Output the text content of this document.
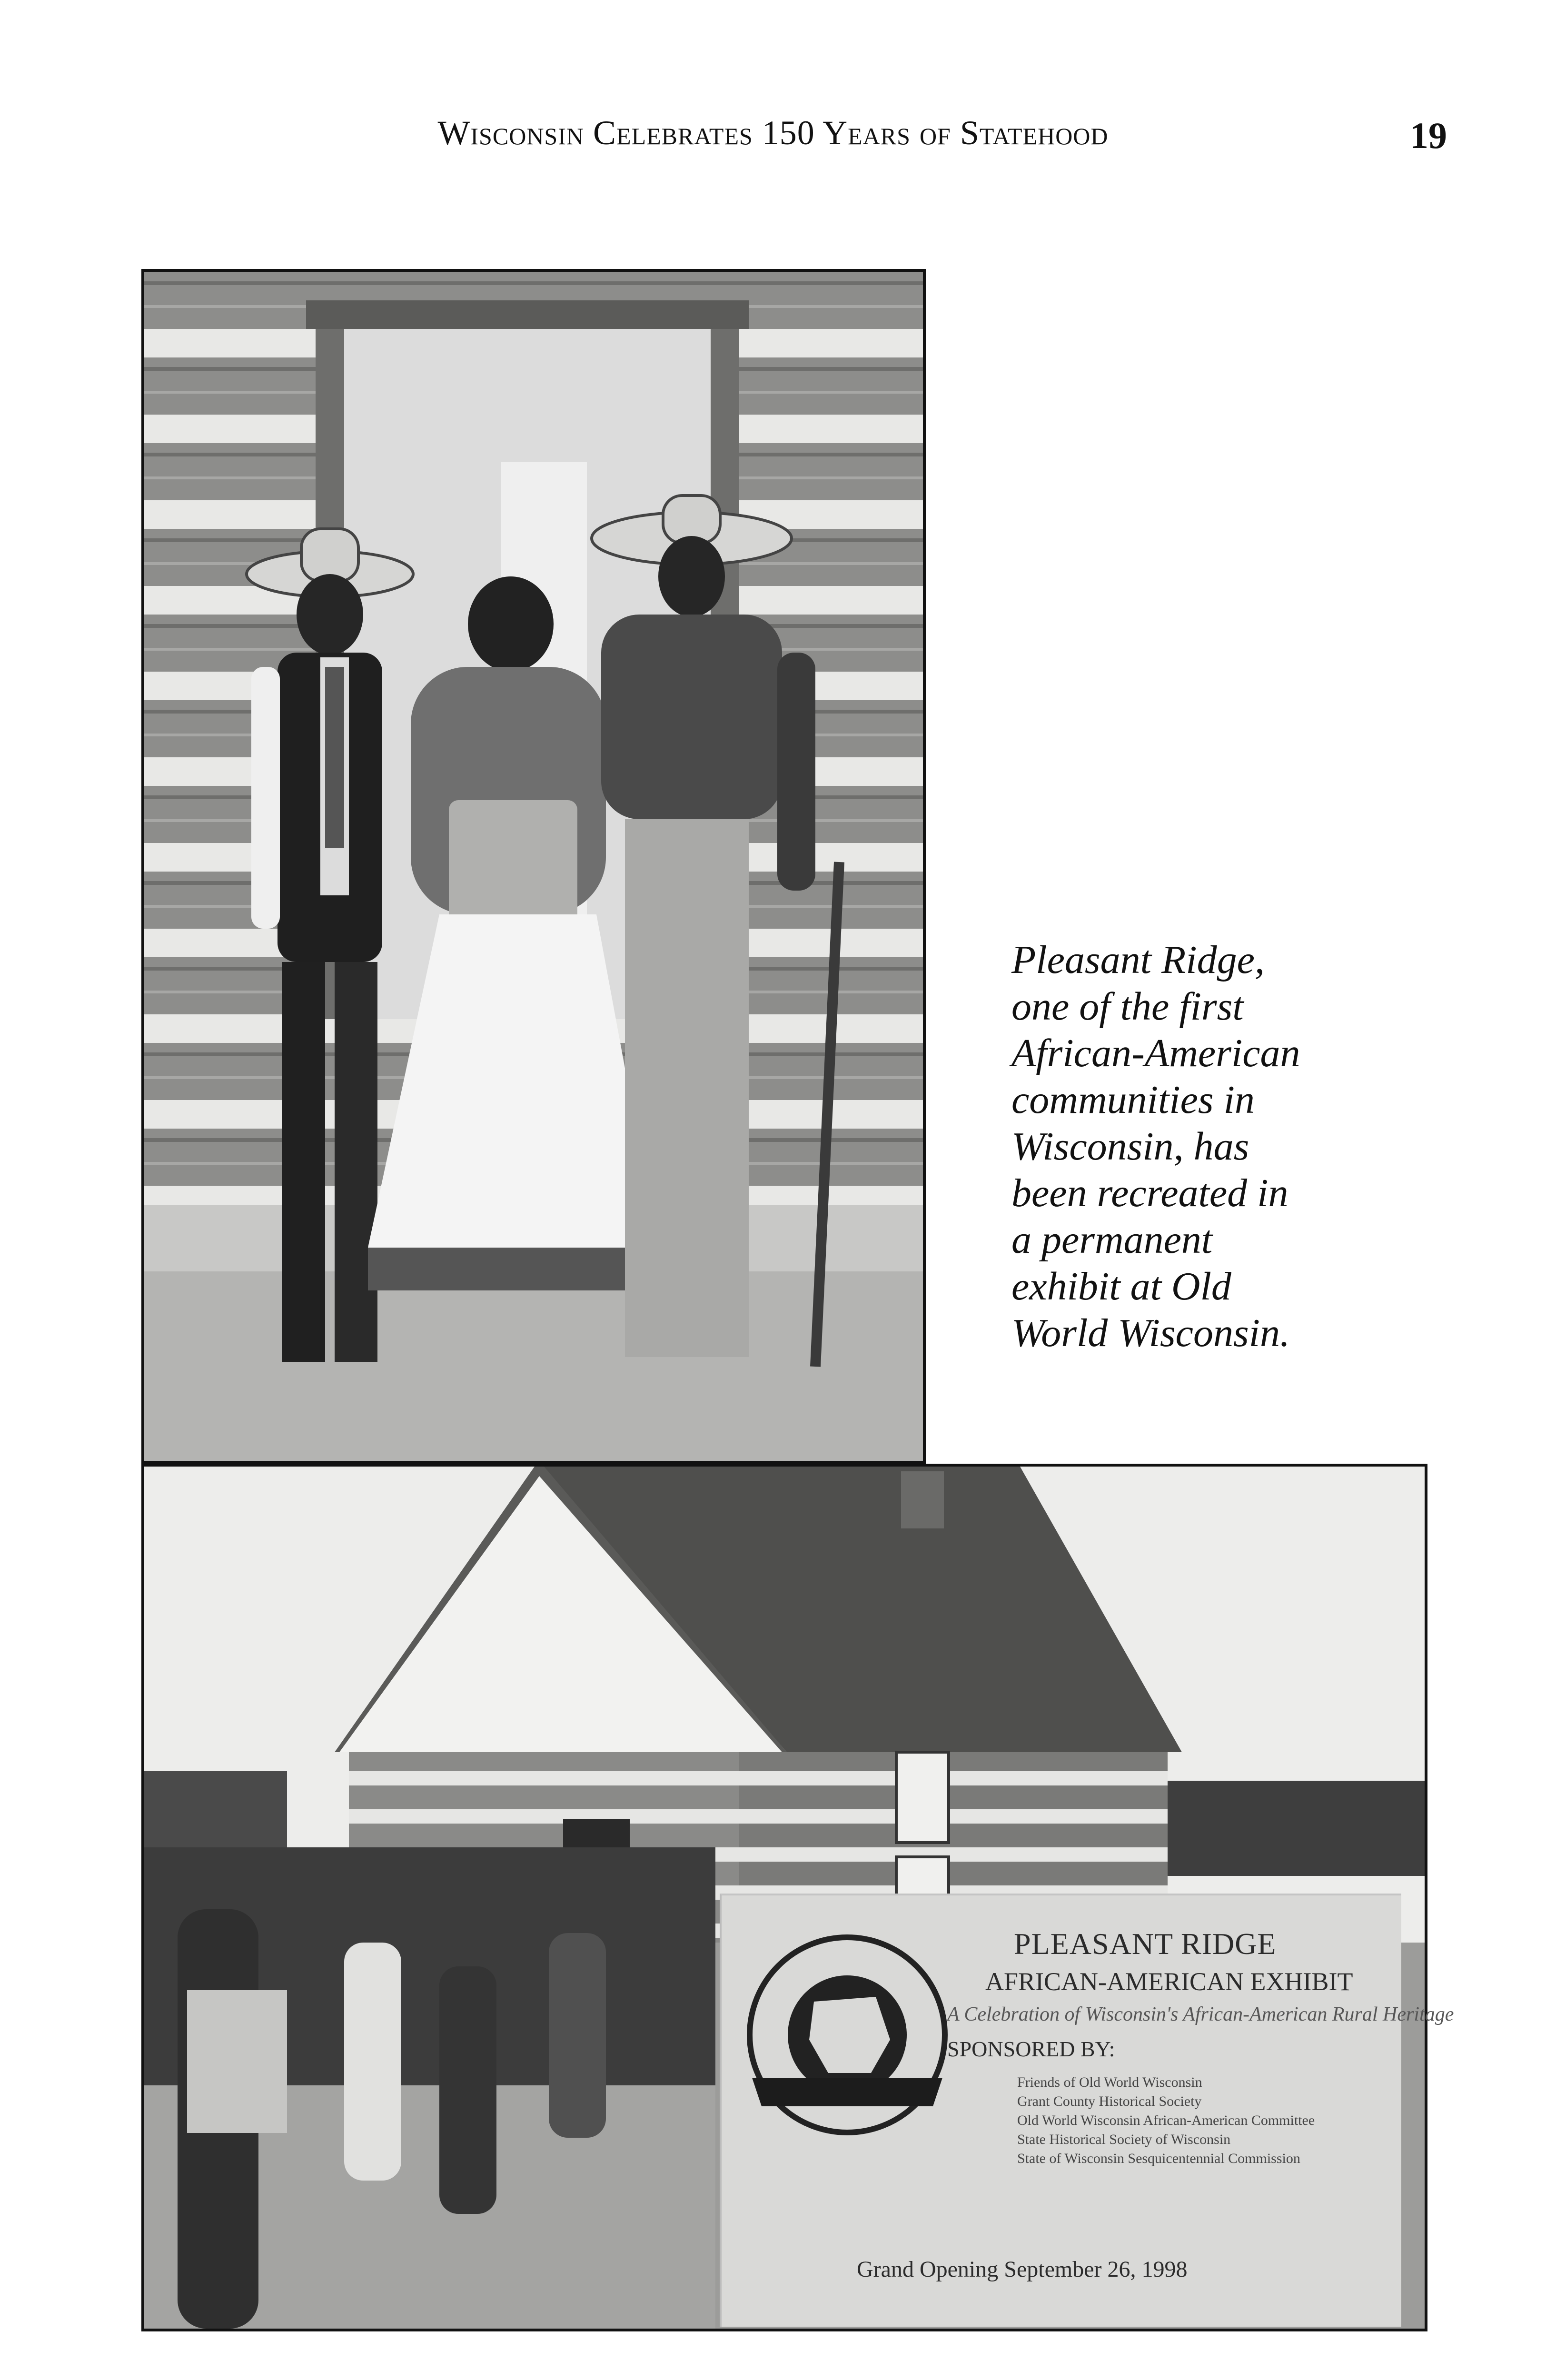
Wisconsin Celebrates 150 Years of Statehood	19
Pleasant Ridge,
one of the first
African-American
communities in
Wisconsin, has
been recreated in
a permanent
exhibit at Old
World Wisconsin.
PLEASANT RIDGE
AFRICAN-AMERICAN EXHIBIT
A Celebration of Wisconsin's African-American Rural Heritage
SPONSORED BY:
Friends of Old World Wisconsin
Grant County Historical Society
Old World Wisconsin African-American Committee
State Historical Society of Wisconsin
State of Wisconsin Sesquicentennial Commission
Grand Opening September 26, 1998
